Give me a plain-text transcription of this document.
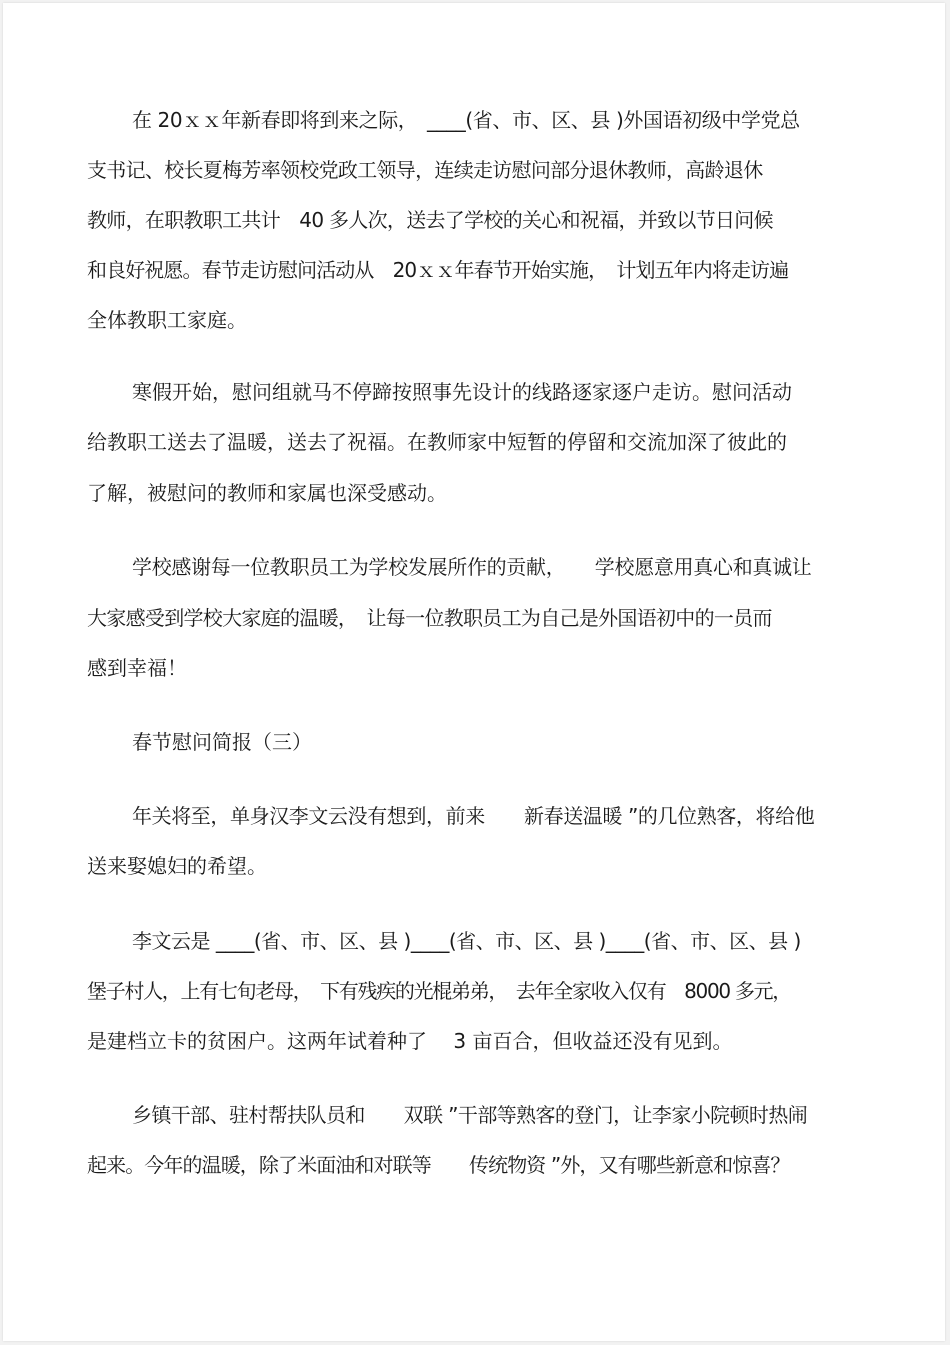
在 20ｘｘ年新春即将到来之际，　____(省、市、区、县 )外国语初级中学党总

支书记、校长夏梅芳率领校党政工领导，连续走访慰问部分退休教师，高龄退休

教师，在职教职工共计　40 多人次，送去了学校的关心和祝福，并致以节日问候

和良好祝愿。春节走访慰问活动从　20ｘｘ年春节开始实施，　计划五年内将走访遍

全体教职工家庭。

寒假开始，慰问组就马不停蹄按照事先设计的线路逐家逐户走访。慰问活动

给教职工送去了温暖，送去了祝福。在教师家中短暂的停留和交流加深了彼此的

了解，被慰问的教师和家属也深受感动。

学校感谢每一位教职员工为学校发展所作的贡献，　　学校愿意用真心和真诚让

大家感受到学校大家庭的温暖，　让每一位教职员工为自己是外国语初中的一员而

感到幸福！

春节慰问简报（三）

年关将至，单身汉李文云没有想到，前来　　新春送温暖 ”的几位熟客，将给他

送来娶媳妇的希望。

李文云是 ____(省、市、区、县 )____(省、市、区、县 )____(省、市、区、县 )

堡子村人，上有七旬老母，　下有残疾的光棍弟弟，　去年全家收入仅有　8000 多元，

是建档立卡的贫困户。这两年试着种了　 3 亩百合，但收益还没有见到。

乡镇干部、驻村帮扶队员和　　双联 ”干部等熟客的登门，让李家小院顿时热闹

起来。今年的温暖，除了米面油和对联等　　传统物资 ”外，又有哪些新意和惊喜？
